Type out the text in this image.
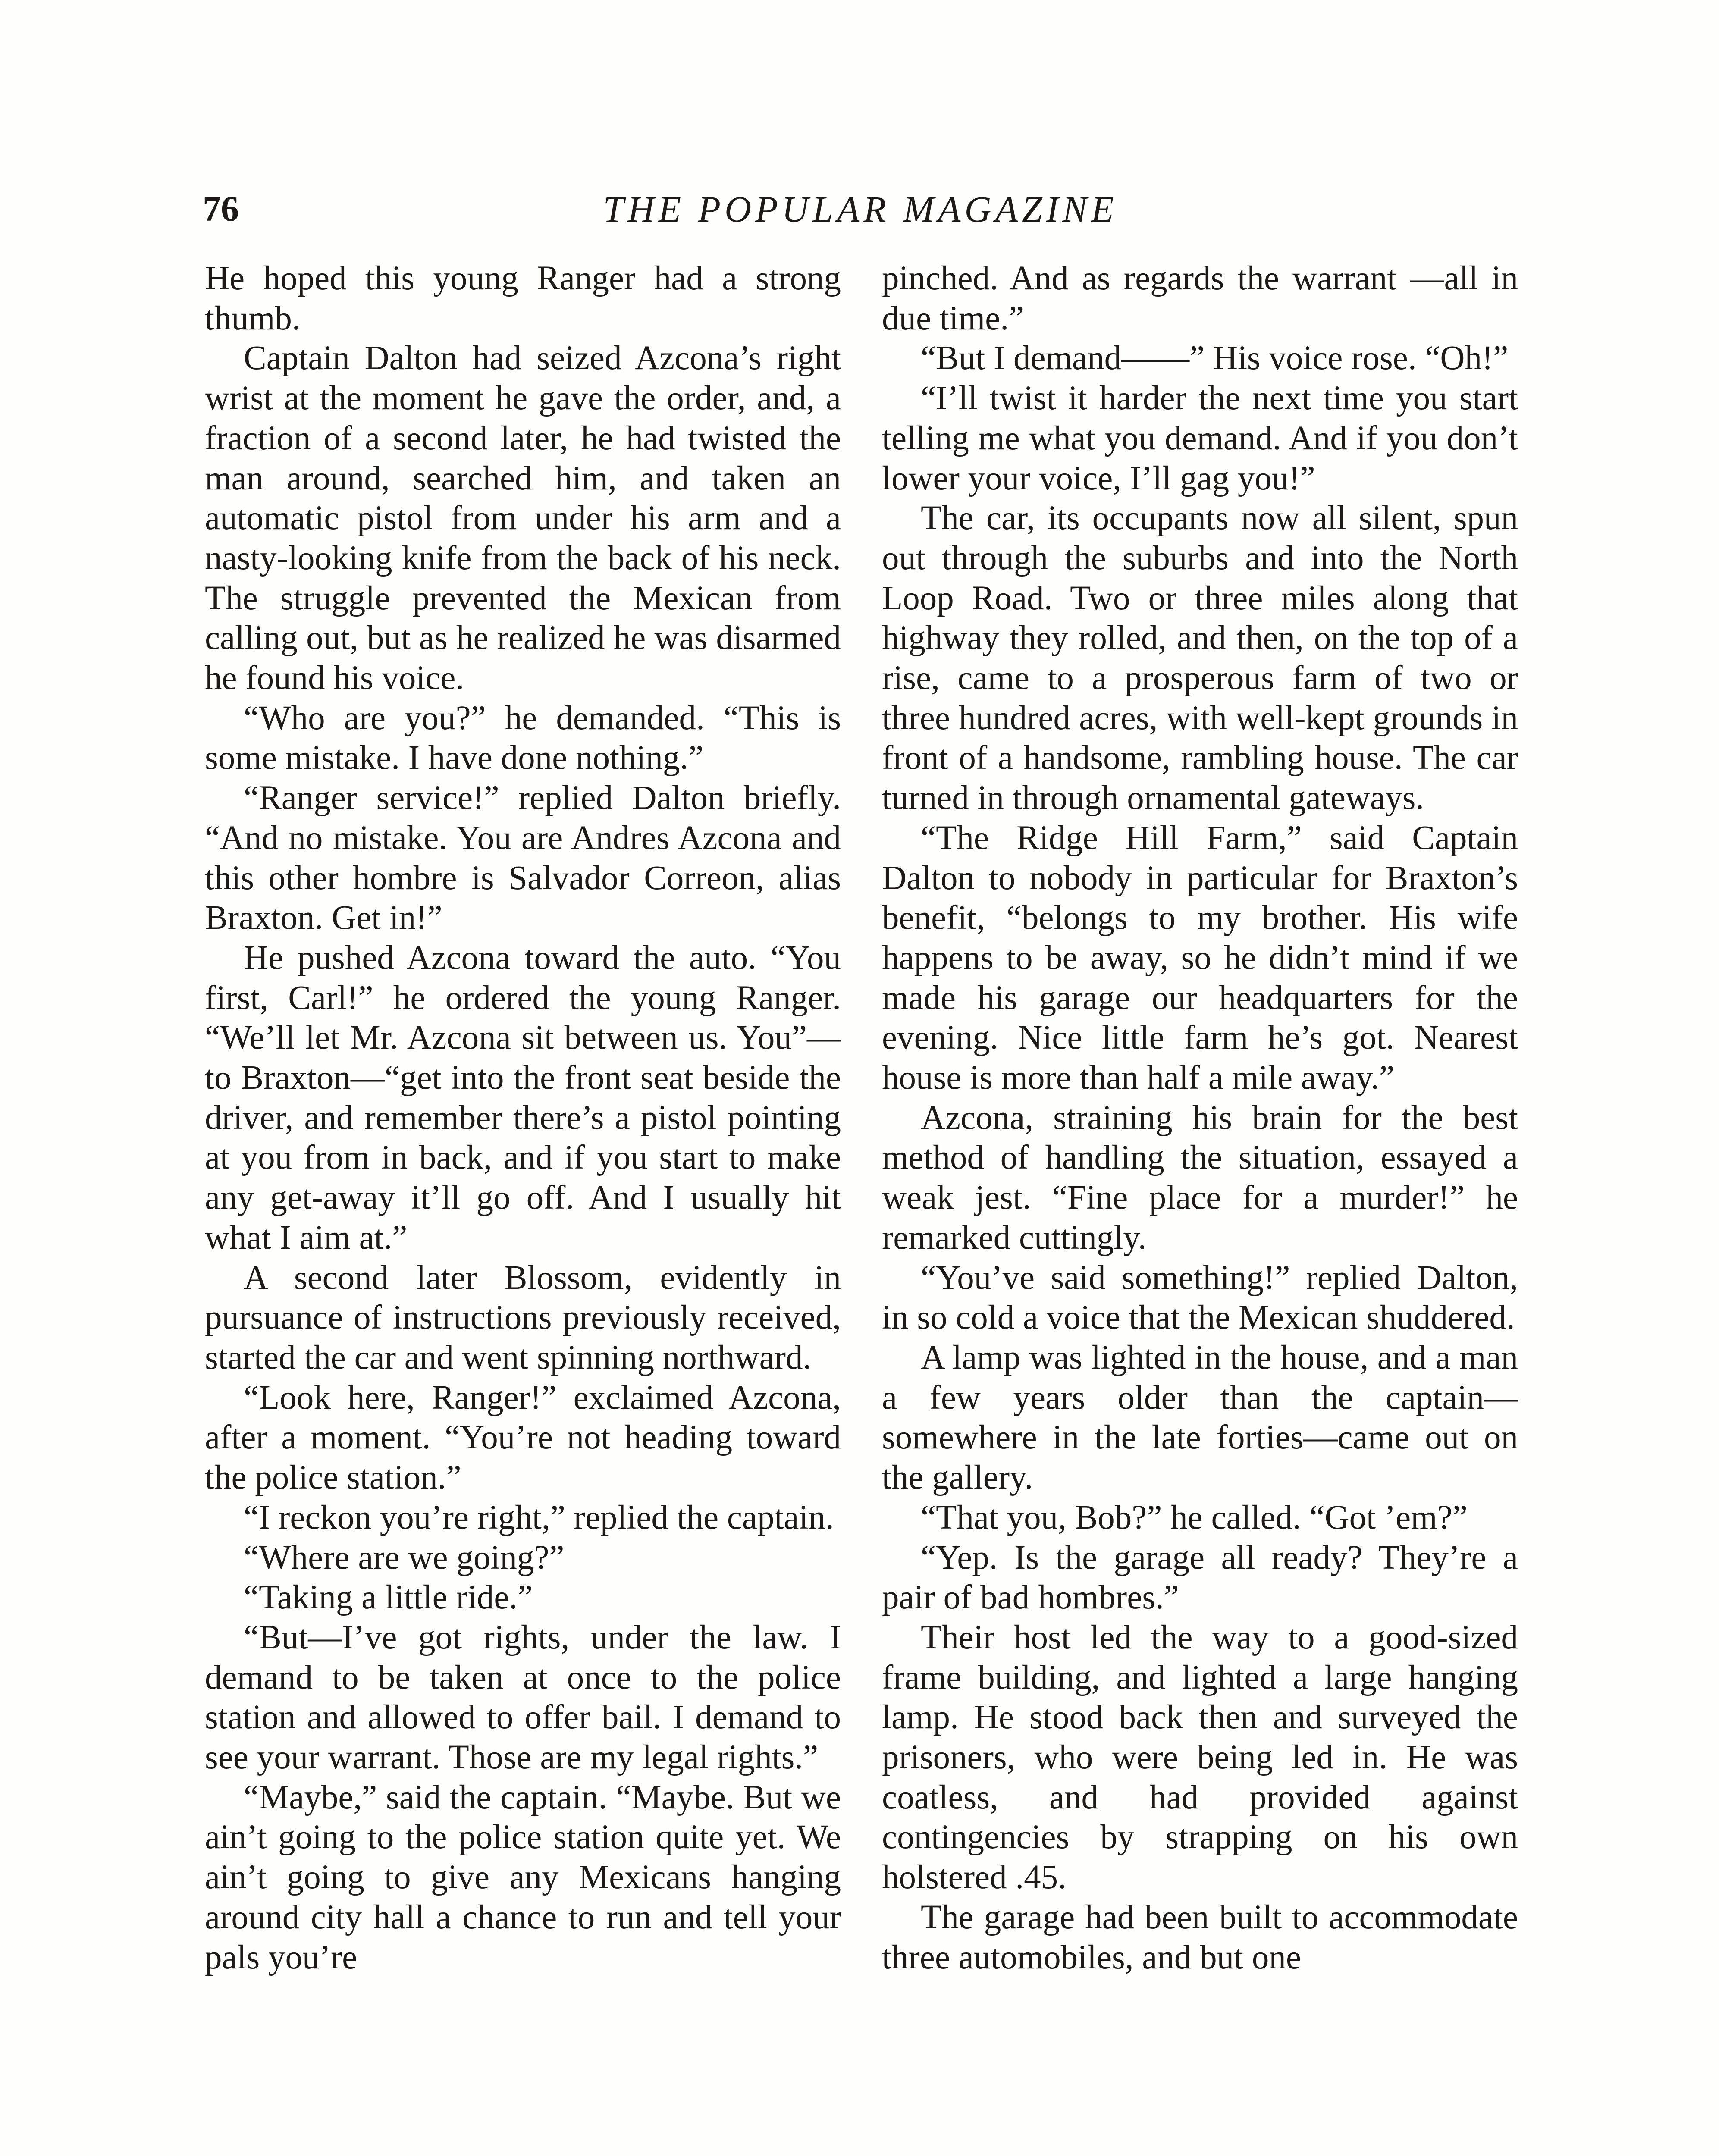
76	THE POPULAR MAGAZINE

He hoped this young Ranger had a strong thumb.

Captain Dalton had seized Azcona’s right wrist at the moment he gave the order, and, a fraction of a second later, he had twisted the man around, searched him, and taken an automatic pistol from under his arm and a nasty-looking knife from the back of his neck. The struggle prevented the Mexican from calling out, but as he realized he was disarmed he found his voice.

“Who are you?” he demanded. “This is some mistake. I have done nothing.”

“Ranger service!” replied Dalton briefly. “And no mistake. You are Andres Azcona and this other hombre is Salvador Correon, alias Braxton. Get in!”

He pushed Azcona toward the auto. “You first, Carl!” he ordered the young Ranger. “We’ll let Mr. Azcona sit between us. You”—to Braxton—“get into the front seat beside the driver, and remember there’s a pistol pointing at you from in back, and if you start to make any get-away it’ll go off. And I usually hit what I aim at.”

A second later Blossom, evidently in pursuance of instructions previously received, started the car and went spinning northward.

“Look here, Ranger!” exclaimed Azcona, after a moment. “You’re not heading toward the police station.”

“I reckon you’re right,” replied the captain.

“Where are we going?”

“Taking a little ride.”

“But—I’ve got rights, under the law. I demand to be taken at once to the police station and allowed to offer bail. I demand to see your warrant. Those are my legal rights.”

“Maybe,” said the captain. “Maybe. But we ain’t going to the police station quite yet. We ain’t going to give any Mexicans hanging around city hall a chance to run and tell your pals you’re

pinched. And as regards the warrant —all in due time.”

“But I demand——” His voice rose. “Oh!”

“I’ll twist it harder the next time you start telling me what you demand. And if you don’t lower your voice, I’ll gag you!”

The car, its occupants now all silent, spun out through the suburbs and into the North Loop Road. Two or three miles along that highway they rolled, and then, on the top of a rise, came to a prosperous farm of two or three hundred acres, with well-kept grounds in front of a handsome, rambling house. The car turned in through ornamental gateways.

“The Ridge Hill Farm,” said Captain Dalton to nobody in particular for Braxton’s benefit, “belongs to my brother. His wife happens to be away, so he didn’t mind if we made his garage our headquarters for the evening. Nice little farm he’s got. Nearest house is more than half a mile away.”

Azcona, straining his brain for the best method of handling the situation, essayed a weak jest. “Fine place for a murder!” he remarked cuttingly.

“You’ve said something!” replied Dalton, in so cold a voice that the Mexican shuddered.

A lamp was lighted in the house, and a man a few years older than the captain—somewhere in the late forties—came out on the gallery.

“That you, Bob?” he called. “Got ’em?”

“Yep. Is the garage all ready? They’re a pair of bad hombres.”

Their host led the way to a good-sized frame building, and lighted a large hanging lamp. He stood back then and surveyed the prisoners, who were being led in. He was coatless, and had provided against contingencies by strapping on his own holstered .45.

The garage had been built to accommodate three automobiles, and but one
